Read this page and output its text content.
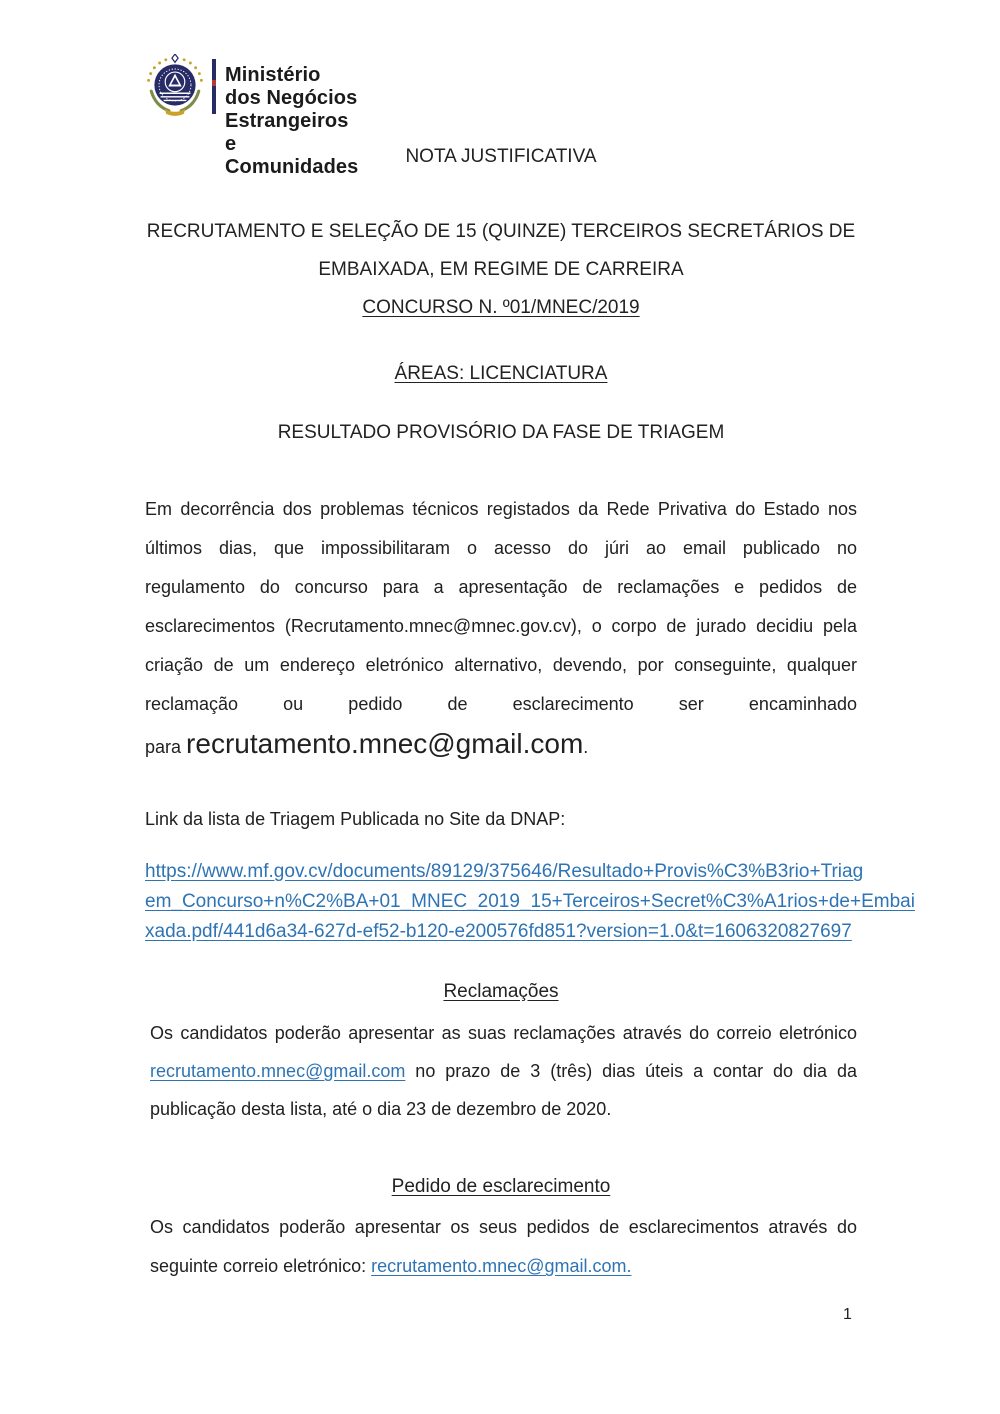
Ministério dos Negócios
Estrangeiros e Comunidades	NOTA JUSTIFICATIVA
RECRUTAMENTO E SELEÇÃO DE 15 (QUINZE) TERCEIROS SECRETÁRIOS DE
EMBAIXADA, EM REGIME DE CARREIRA
CONCURSO N. º01/MNEC/2019
ÁREAS: LICENCIATURA
RESULTADO PROVISÓRIO DA FASE DE TRIAGEM
Em decorrência dos problemas técnicos registados da Rede Privativa do Estado nos
últimos dias, que impossibilitaram o acesso do júri ao email publicado no
regulamento do concurso para a apresentação de reclamações e pedidos de
esclarecimentos (Recrutamento.mnec@mnec.gov.cv), o corpo de jurado decidiu pela
criação de um endereço eletrónico alternativo, devendo, por conseguinte, qualquer
reclamação ou pedido de esclarecimento ser encaminhado
para recrutamento.mnec@gmail.com.
Link da lista de Triagem Publicada no Site da DNAP:
https://www.mf.gov.cv/documents/89129/375646/Resultado+Provis%C3%B3rio+Triag em_Concurso+n%C2%BA+01_MNEC_2019_15+Terceiros+Secret%C3%A1rios+de+Embai xada.pdf/441d6a34-627d-ef52-b120-e200576fd851?version=1.0&t=1606320827697
Reclamações
Os candidatos poderão apresentar as suas reclamações através do correio eletrónico
recrutamento.mnec@gmail.com no prazo de 3 (três) dias úteis a contar do dia da
publicação desta lista, até o dia 23 de dezembro de 2020.
Pedido de esclarecimento
Os candidatos poderão apresentar os seus pedidos de esclarecimentos através do
seguinte correio eletrónico: recrutamento.mnec@gmail.com.
1
